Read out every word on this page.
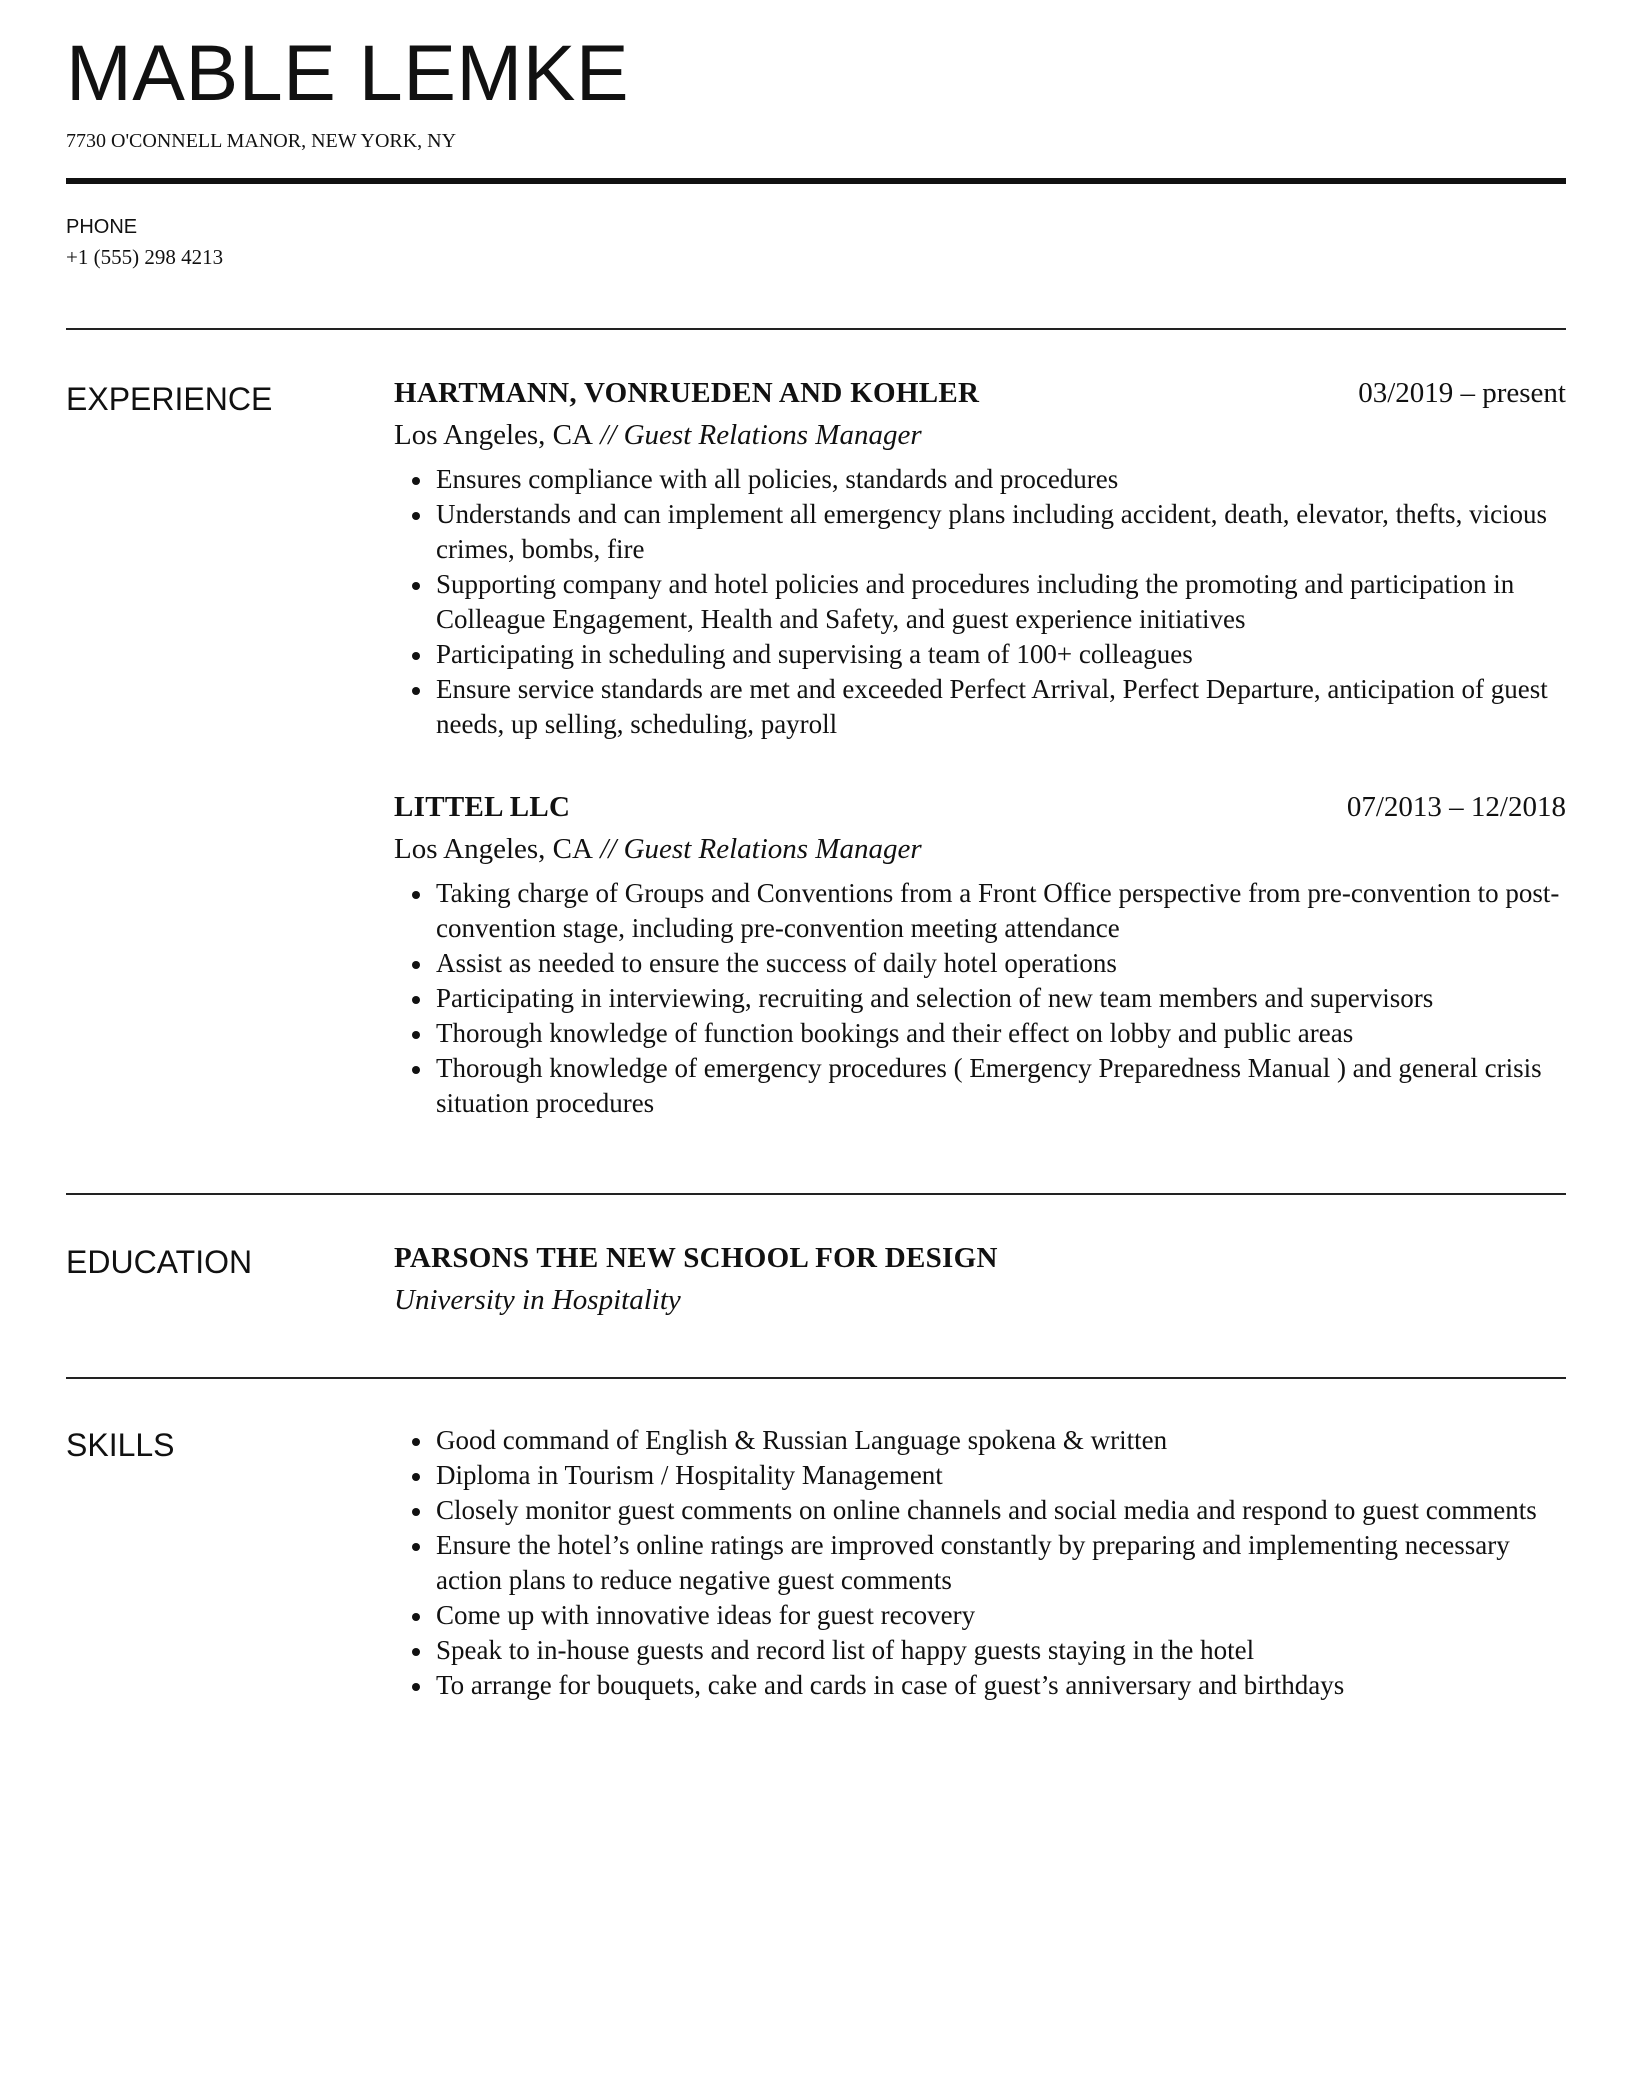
MABLE LEMKE
7730 O'CONNELL MANOR, NEW YORK, NY
PHONE
+1 (555) 298 4213
EXPERIENCE	HARTMANN, VONRUEDEN AND KOHLER	03/2019 – present
Los Angeles, CA // Guest Relations Manager
Ensures compliance with all policies, standards and procedures
Understands and can implement all emergency plans including accident, death, elevator, thefts, vicious crimes, bombs, fire
Supporting company and hotel policies and procedures including the promoting and participation in Colleague Engagement, Health and Safety, and guest experience initiatives
Participating in scheduling and supervising a team of 100+ colleagues
Ensure service standards are met and exceeded Perfect Arrival, Perfect Departure, anticipation of guest needs, up selling, scheduling, payroll
LITTEL LLC	07/2013 – 12/2018
Los Angeles, CA // Guest Relations Manager
Taking charge of Groups and Conventions from a Front Office perspective from pre-convention to post-convention stage, including pre-convention meeting attendance
Assist as needed to ensure the success of daily hotel operations
Participating in interviewing, recruiting and selection of new team members and supervisors
Thorough knowledge of function bookings and their effect on lobby and public areas
Thorough knowledge of emergency procedures ( Emergency Preparedness Manual ) and general crisis situation procedures
EDUCATION	PARSONS THE NEW SCHOOL FOR DESIGN
University in Hospitality
SKILLS	Good command of English & Russian Language spokena & written
Diploma in Tourism / Hospitality Management
Closely monitor guest comments on online channels and social media and respond to guest comments
Ensure the hotel’s online ratings are improved constantly by preparing and implementing necessary action plans to reduce negative guest comments
Come up with innovative ideas for guest recovery
Speak to in-house guests and record list of happy guests staying in the hotel
To arrange for bouquets, cake and cards in case of guest’s anniversary and birthdays
